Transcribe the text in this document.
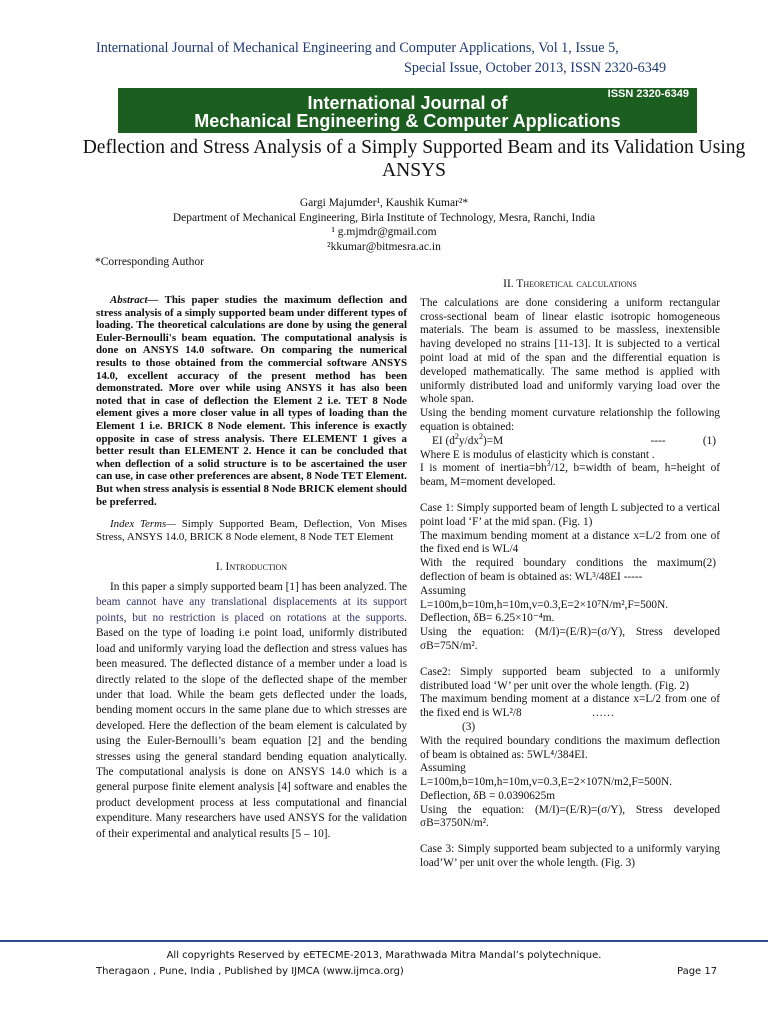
International Journal of Mechanical Engineering and Computer Applications, Vol 1, Issue 5,
Special Issue, October 2013, ISSN 2320-6349
ISSN 2320-6349
International Journal of
Mechanical Engineering & Computer Applications
Deflection and Stress Analysis of a Simply Supported Beam and its Validation Using ANSYS
Gargi Majumder¹, Kaushik Kumar²*
Department of Mechanical Engineering, Birla Institute of Technology, Mesra, Ranchi, India
¹ g.mjmdr@gmail.com
²kkumar@bitmesra.ac.in
*Corresponding Author

Abstract— This paper studies the maximum deflection and stress analysis of a simply supported beam under different types of loading. The theoretical calculations are done by using the general Euler-Bernoulli's beam equation. The computational analysis is done on ANSYS 14.0 software. On comparing the numerical results to those obtained from the commercial software ANSYS 14.0, excellent accuracy of the present method has been demonstrated. More over while using ANSYS it has also been noted that in case of deflection the Element 2 i.e. TET 8 Node element gives a more closer value in all types of loading than the Element 1 i.e. BRICK 8 Node element. This inference is exactly opposite in case of stress analysis. There ELEMENT 1 gives a better result than ELEMENT 2. Hence it can be concluded that when deflection of a solid structure is to be ascertained the user can use, in case other preferences are absent, 8 Node TET Element. But when stress analysis is essential 8 Node BRICK element should be preferred.

Index Terms— Simply Supported Beam, Deflection, Von Mises Stress, ANSYS 14.0, BRICK 8 Node element, 8 Node TET Element

I. Introduction

In this paper a simply supported beam [1] has been analyzed. The beam cannot have any translational displacements at its support points, but no restriction is placed on rotations at the supports. Based on the type of loading i.e point load, uniformly distributed load and uniformly varying load the deflection and stress values has been measured. The deflected distance of a member under a load is directly related to the slope of the deflected shape of the member under that load. While the beam gets deflected under the loads, bending moment occurs in the same plane due to which stresses are developed. Here the deflection of the beam element is calculated by using the Euler-Bernoulli’s beam equation [2] and the bending stresses using the general standard bending equation analytically. The computational analysis is done on ANSYS 14.0 which is a general purpose finite element analysis [4] software and enables the product development process at less computational and financial expenditure. Many researchers have used ANSYS for the validation of their experimental and analytical results [5 – 10].

II. Theoretical calculations

The calculations are done considering a uniform rectangular cross-sectional beam of linear elastic isotropic homogeneous materials. The beam is assumed to be massless, inextensible having developed no strains [11-13]. It is subjected to a vertical point load at mid of the span and the differential equation is developed mathematically. The same method is applied with uniformly distributed load and uniformly varying load over the whole span.

Using the bending moment curvature relationship the following equation is obtained:

EI $(d^2y/dx^2)=M$	----	(1)

Where E is modulus of elasticity which is constant .

I is moment of $inertia=bh^3/12$, b=width of beam, h=height of beam, M=moment developed.

Case 1: Simply supported beam of length L subjected to a vertical point load ‘F’ at the mid span. (Fig. 1)

The maximum bending moment at a distance x=L/2 from one of the fixed end is WL/4

With the required boundary conditions the maximum deflection of beam is obtained as: WL³/48EI -----
(2)

Assuming

L=100m,b=10m,h=10m,v=0.3,E=2×10⁷N/m²,F=500N.

Deflection, δB= 6.25×10⁻⁴m.

Using the equation: (M/I)=(E/R)=(σ/Y), Stress developed σB=75N/m².

Case2: Simply supported beam subjected to a uniformly distributed load ‘W’ per unit over the whole length. (Fig. 2)

The maximum bending moment at a distance x=L/2 from one of the fixed end is WL²/8	……

(3)

With the required boundary conditions the maximum deflection of beam is obtained as: 5WL⁴/384EI.

Assuming

L=100m,b=10m,h=10m,v=0.3,E=2×107N/m2,F=500N.

Deflection, δB = 0.0390625m

Using the equation: (M/I)=(E/R)=(σ/Y), Stress developed σB=3750N/m².

Case 3: Simply supported beam subjected to a uniformly varying load’W’ per unit over the whole length. (Fig. 3)

All copyrights Reserved by eETECME-2013, Marathwada Mitra Mandal’s polytechnique.
Theragaon , Pune, India , Published by IJMCA (www.ijmca.org)	Page 17
